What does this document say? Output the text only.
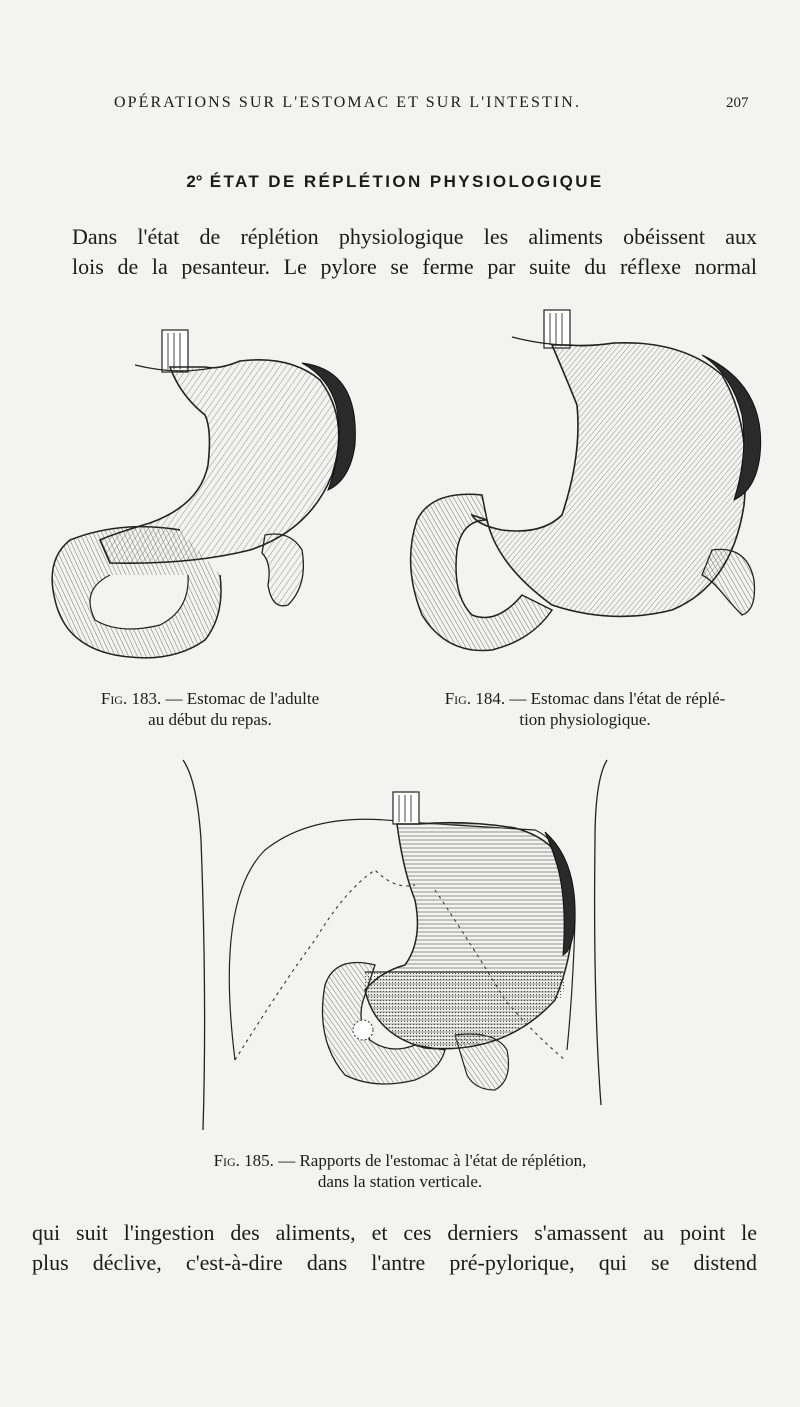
OPÉRATIONS SUR L'ESTOMAC ET SUR L'INTESTIN.	207
2° ÉTAT DE RÉPLÉTION PHYSIOLOGIQUE
Dans l'état de réplétion physiologique les aliments obéissent aux
lois de la pesanteur. Le pylore se ferme par suite du réflexe normal
Fig. 183. — Estomac de l'adulte
au début du repas.
Fig. 184. — Estomac dans l'état de réplé-
tion physiologique.
Fig. 185. — Rapports de l'estomac à l'état de réplétion,
dans la station verticale.
qui suit l'ingestion des aliments, et ces derniers s'amassent au point le
plus déclive, c'est-à-dire dans l'antre pré-pylorique, qui se distend
